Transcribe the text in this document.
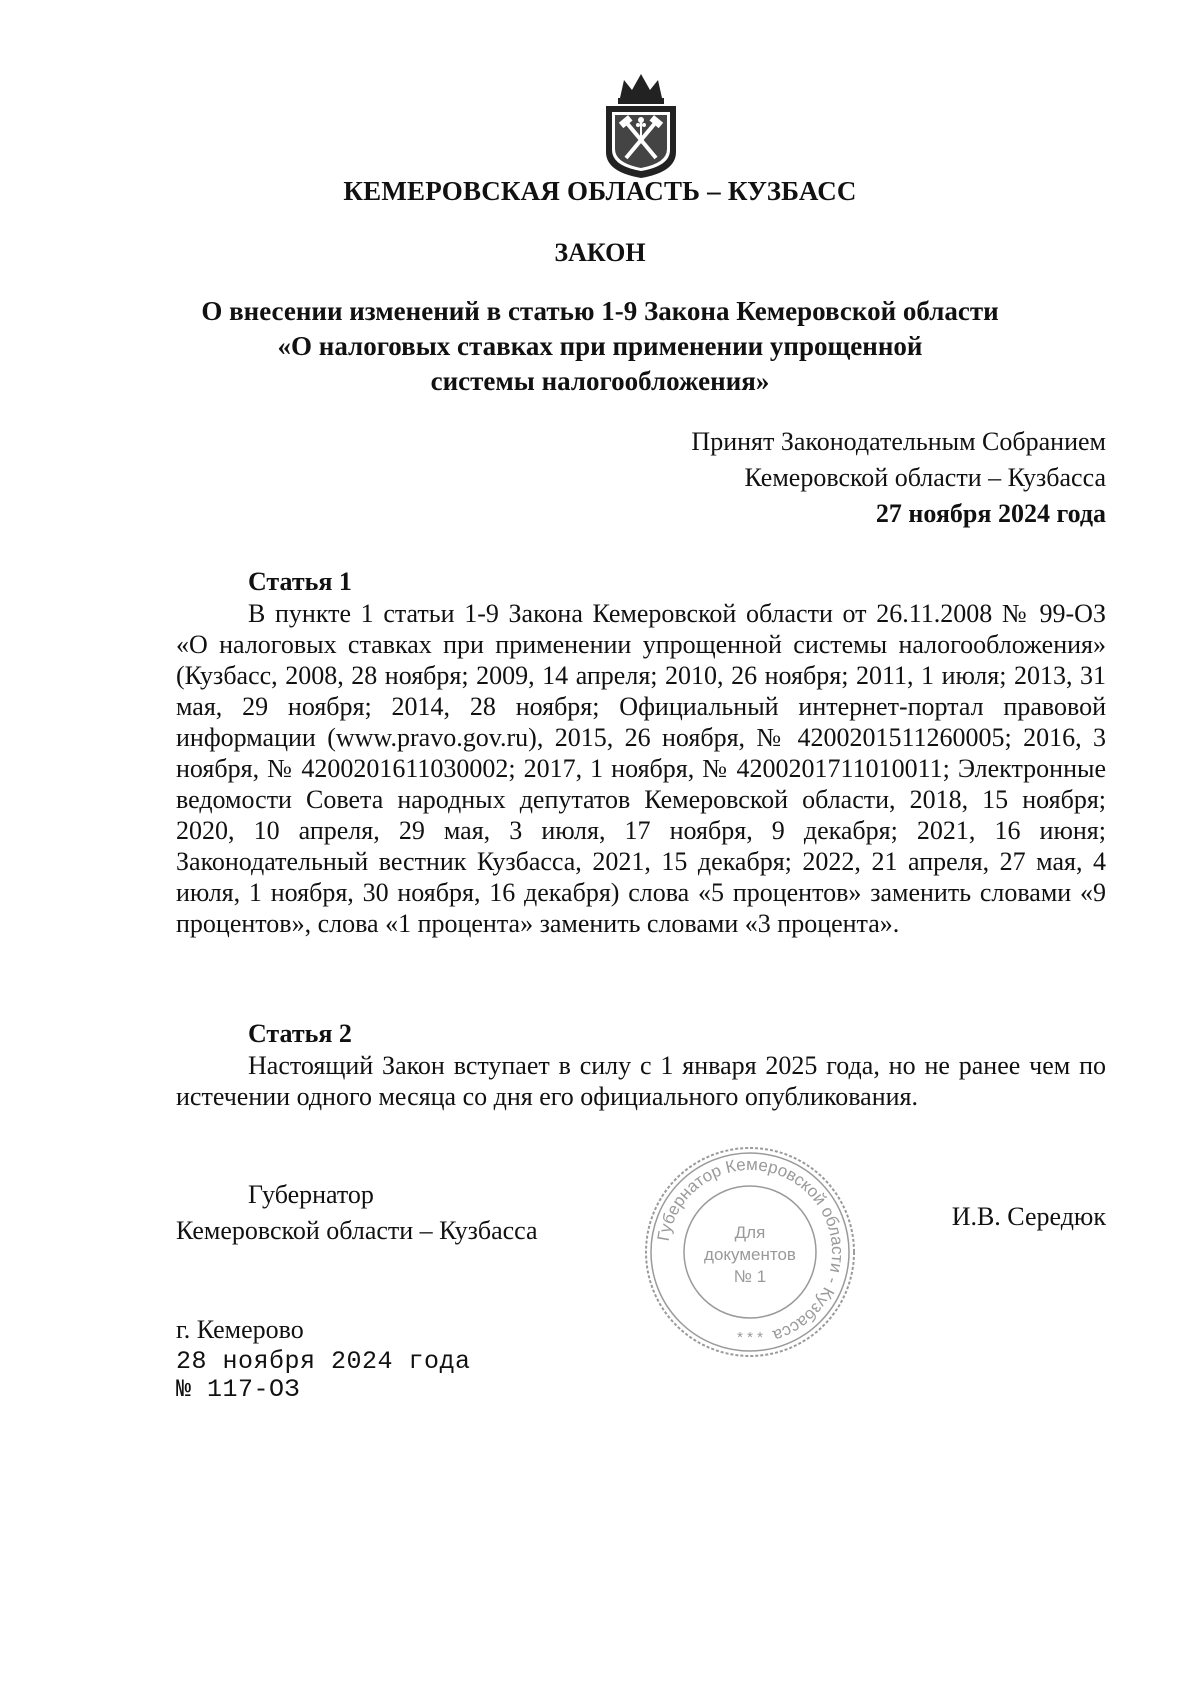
КЕМЕРОВСКАЯ ОБЛАСТЬ – КУЗБАСС
ЗАКОН
О внесении изменений в статью 1-9 Закона Кемеровской области
«О налоговых ставках при применении упрощенной
системы налогообложения»
Принят Законодательным Собранием
Кемеровской области – Кузбасса
27 ноября 2024 года
Статья 1

В пункте 1 статьи 1-9 Закона Кемеровской области от 26.11.2008 № 99-ОЗ «О налоговых ставках при применении упрощенной системы налогообложения» (Кузбасс, 2008, 28 ноября; 2009, 14 апреля; 2010, 26 ноября; 2011, 1 июля; 2013, 31 мая, 29 ноября; 2014, 28 ноября; Официальный интернет-портал правовой информации (www.pravo.gov.ru), 2015, 26 ноября, № 4200201511260005; 2016, 3 ноября, № 4200201611030002; 2017, 1 ноября, № 4200201711010011; Электронные ведомости Совета народных депутатов Кемеровской области, 2018, 15 ноября; 2020, 10 апреля, 29 мая, 3 июля, 17 ноября, 9 декабря; 2021, 16 июня; Законодательный вестник Кузбасса, 2021, 15 декабря; 2022, 21 апреля, 27 мая, 4 июля, 1 ноября, 30 ноября, 16 декабря) слова «5 процентов» заменить словами «9 процентов», слова «1 процента» заменить словами «3 процента».

Статья 2

Настоящий Закон вступает в силу с 1 января 2025 года, но не ранее чем по истечении одного месяца со дня его официального опубликования.

Губернатор
Кемеровской области – Кузбасса	Губернатор Кемеровской области - Кузбасса
Для
документов
№ 1
* * *
И.В. Середюк
г. Кемерово
28 ноября 2024 года
№ 117-ОЗ
